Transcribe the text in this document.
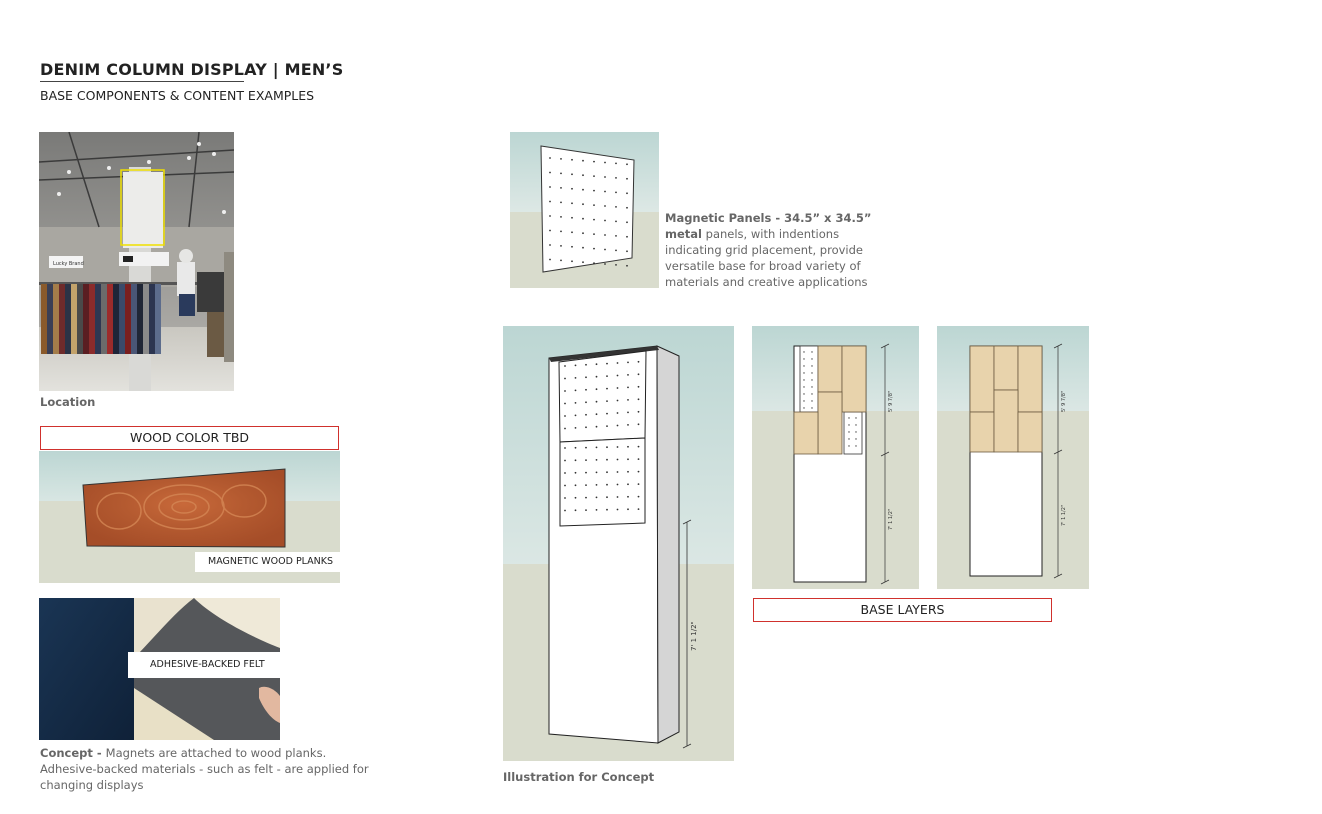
DENIM COLUMN DISPLAY | MEN’S
BASE COMPONENTS & CONTENT EXAMPLES
Lucky Brand
Location
WOOD COLOR TBD
MAGNETIC WOOD PLANKS
ADHESIVE-BACKED FELT
Concept - Magnets are attached to wood planks. Adhesive-backed materials - such as felt - are applied for changing displays
Magnetic Panels - 34.5” x 34.5” metal panels, with indentions indicating grid placement, provide versatile base for broad variety of materials and creative applications
7' 1 1/2"
Illustration for Concept
5' 9 7/8"
7' 1 1/2"
5' 9 7/8"
7' 1 1/2"
BASE LAYERS
